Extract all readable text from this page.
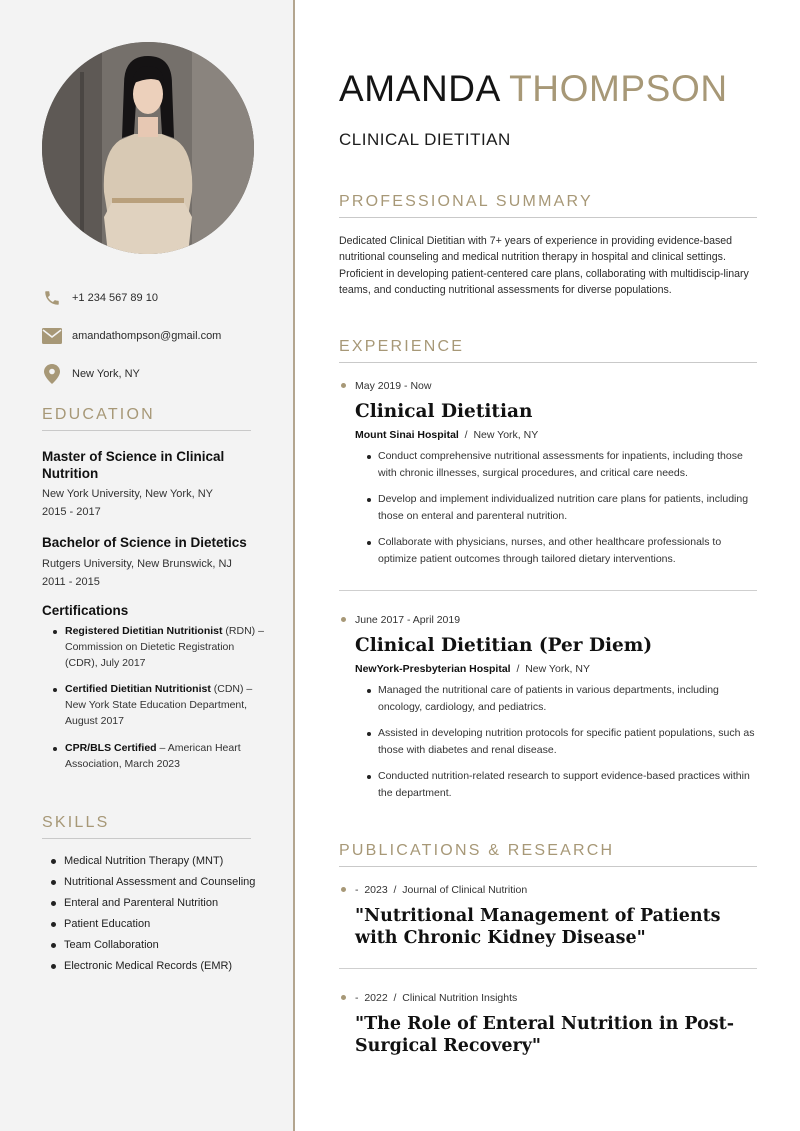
+1 234 567 89 10
amandathompson@gmail.com
New York, NY
EDUCATION
Master of Science in Clinical Nutrition
New York University, New York, NY
2015 - 2017
Bachelor of Science in Dietetics
Rutgers University, New Brunswick, NJ
2011 - 2015
Certifications
Registered Dietitian Nutritionist (RDN) – Commission on Dietetic Registration (CDR), July 2017
Certified Dietitian Nutritionist (CDN) – New York State Education Department, August 2017
CPR/BLS Certified – American Heart Association, March 2023
SKILLS
Medical Nutrition Therapy (MNT)
Nutritional Assessment and Counseling
Enteral and Parenteral Nutrition
Patient Education
Team Collaboration
Electronic Medical Records (EMR)
AMANDA THOMPSON
CLINICAL DIETITIAN
PROFESSIONAL SUMMARY
Dedicated Clinical Dietitian with 7+ years of experience in providing evidence-based nutritional counseling and medical nutrition therapy in hospital and clinical settings. Proficient in developing patient-centered care plans, collaborating with multidiscip-linary teams, and conducting nutritional assessments for diverse populations.
EXPERIENCE
May 2019 - Now
Clinical Dietitian
Mount Sinai Hospital  /  New York, NY
Conduct comprehensive nutritional assessments for inpatients, including those with chronic illnesses, surgical procedures, and critical care needs.
Develop and implement individualized nutrition care plans for patients, including those on enteral and parenteral nutrition.
Collaborate with physicians, nurses, and other healthcare professionals to optimize patient outcomes through tailored dietary interventions.
June 2017 - April 2019
Clinical Dietitian (Per Diem)
NewYork-Presbyterian Hospital  /  New York, NY
Managed the nutritional care of patients in various departments, including oncology, cardiology, and pediatrics.
Assisted in developing nutrition protocols for specific patient populations, such as those with diabetes and renal disease.
Conducted nutrition-related research to support evidence-based practices within the department.
PUBLICATIONS & RESEARCH
-  2023  /  Journal of Clinical Nutrition
"Nutritional Management of Patients with Chronic Kidney Disease"
-  2022  /  Clinical Nutrition Insights
"The Role of Enteral Nutrition in Post-Surgical Recovery"
